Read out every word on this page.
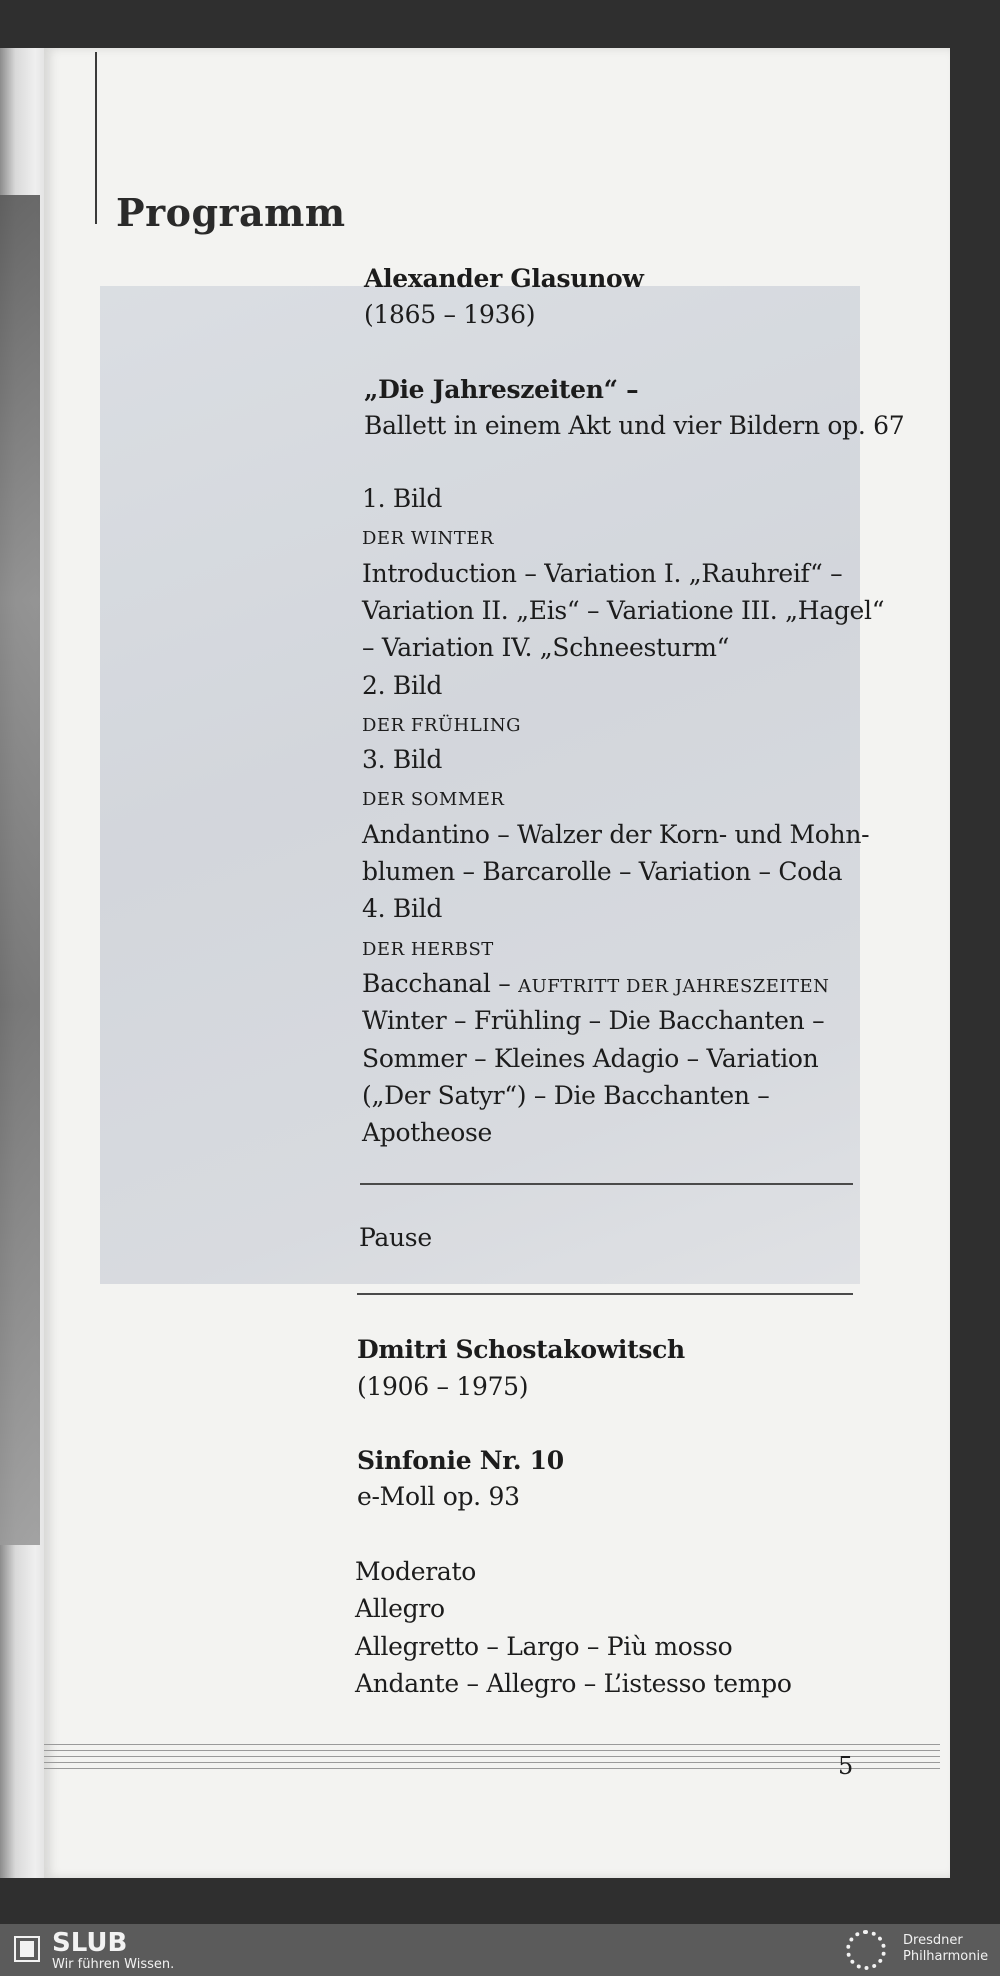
Programm
Alexander Glasunow
(1865 – 1936)
„Die Jahreszeiten“ –
Ballett in einem Akt und vier Bildern op. 67
1. Bild
DER WINTER
Introduction – Variation I. „Rauhreif“ –
Variation II. „Eis“ – Variatione III. „Hagel“
– Variation IV. „Schneesturm“
2. Bild
DER FRÜHLING
3. Bild
DER SOMMER
Andantino – Walzer der Korn- und Mohn-
blumen – Barcarolle – Variation – Coda
4. Bild
DER HERBST
Bacchanal – AUFTRITT DER JAHRESZEITEN
Winter – Frühling – Die Bacchanten –
Sommer – Kleines Adagio – Variation
(„Der Satyr“) – Die Bacchanten –
Apotheose
Pause
Dmitri Schostakowitsch
(1906 – 1975)
Sinfonie Nr. 10
e-Moll op. 93
Moderato
Allegro
Allegretto – Largo – Più mosso
Andante – Allegro – L’istesso tempo
5
SLUB
Wir führen Wissen.
Dresdner
Philharmonie
